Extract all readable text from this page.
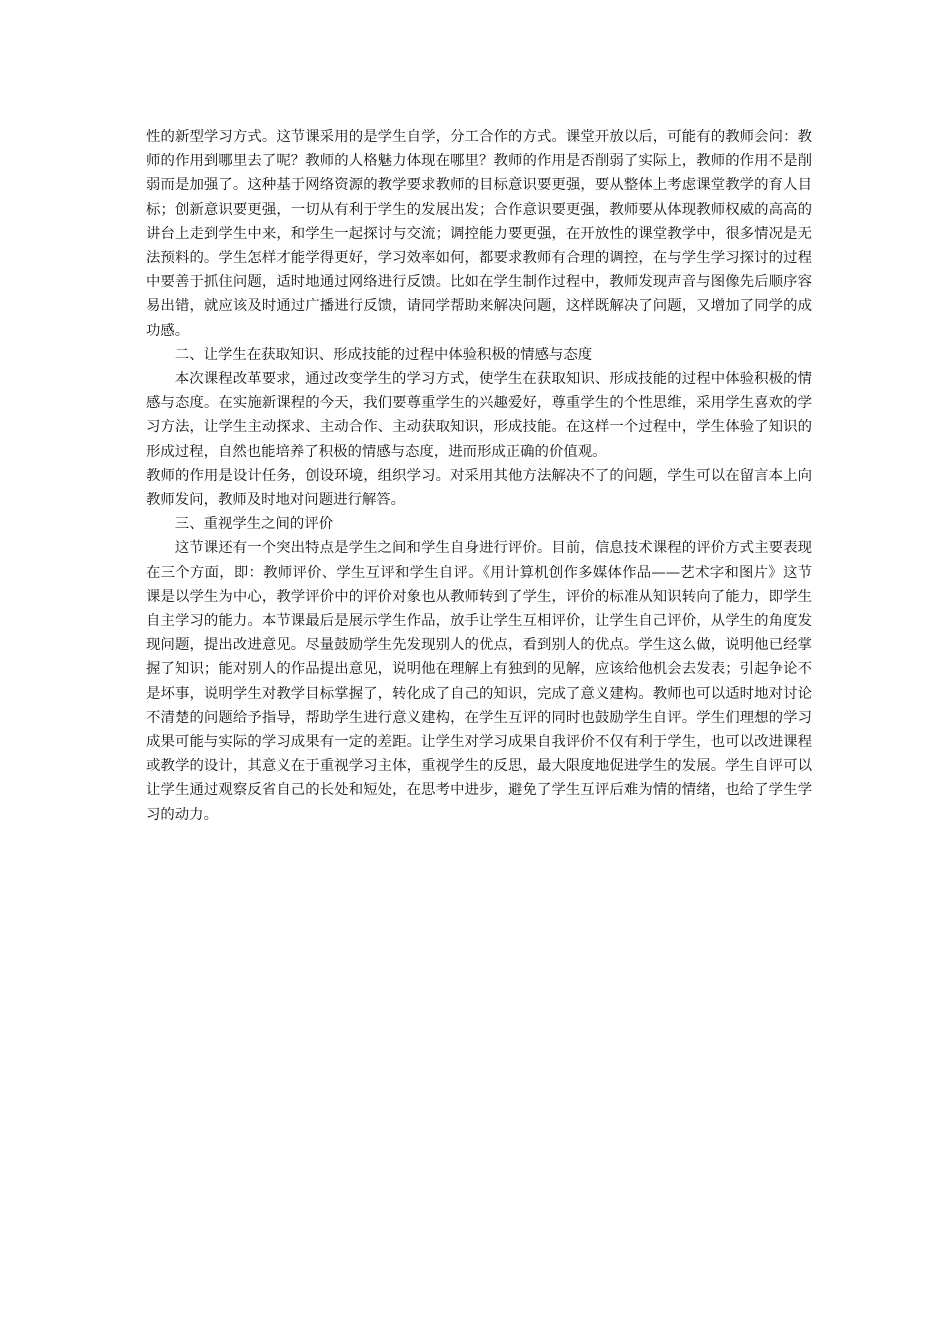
性的新型学习方式。这节课采用的是学生自学，分工合作的方式。课堂开放以后，可能有的教师会问：教师的作用到哪里去了呢？教师的人格魅力体现在哪里？教师的作用是否削弱了实际上，教师的作用不是削弱而是加强了。这种基于网络资源的教学要求教师的目标意识要更强，要从整体上考虑课堂教学的育人目标；创新意识要更强，一切从有利于学生的发展出发；合作意识要更强，教师要从体现教师权威的高高的讲台上走到学生中来，和学生一起探讨与交流；调控能力要更强，在开放性的课堂教学中，很多情况是无法预料的。学生怎样才能学得更好，学习效率如何，都要求教师有合理的调控，在与学生学习探讨的过程中要善于抓住问题，适时地通过网络进行反馈。比如在学生制作过程中，教师发现声音与图像先后顺序容易出错，就应该及时通过广播进行反馈，请同学帮助来解决问题，这样既解决了问题，又增加了同学的成功感。

二、让学生在获取知识、形成技能的过程中体验积极的情感与态度

本次课程改革要求，通过改变学生的学习方式，使学生在获取知识、形成技能的过程中体验积极的情感与态度。在实施新课程的今天，我们要尊重学生的兴趣爱好，尊重学生的个性思维，采用学生喜欢的学习方法，让学生主动探求、主动合作、主动获取知识，形成技能。在这样一个过程中，学生体验了知识的形成过程，自然也能培养了积极的情感与态度，进而形成正确的价值观。

教师的作用是设计任务，创设环境，组织学习。对采用其他方法解决不了的问题，学生可以在留言本上向教师发问，教师及时地对问题进行解答。

三、重视学生之间的评价

这节课还有一个突出特点是学生之间和学生自身进行评价。目前，信息技术课程的评价方式主要表现在三个方面，即：教师评价、学生互评和学生自评。《用计算机创作多媒体作品——艺术字和图片》这节课是以学生为中心，教学评价中的评价对象也从教师转到了学生，评价的标准从知识转向了能力，即学生自主学习的能力。本节课最后是展示学生作品，放手让学生互相评价，让学生自己评价，从学生的角度发现问题，提出改进意见。尽量鼓励学生先发现别人的优点，看到别人的优点。学生这么做，说明他已经掌握了知识；能对别人的作品提出意见，说明他在理解上有独到的见解，应该给他机会去发表；引起争论不是坏事，说明学生对教学目标掌握了，转化成了自己的知识，完成了意义建构。教师也可以适时地对讨论不清楚的问题给予指导，帮助学生进行意义建构，在学生互评的同时也鼓励学生自评。学生们理想的学习成果可能与实际的学习成果有一定的差距。让学生对学习成果自我评价不仅有利于学生，也可以改进课程或教学的设计，其意义在于重视学习主体，重视学生的反思，最大限度地促进学生的发展。学生自评可以让学生通过观察反省自己的长处和短处，在思考中进步，避免了学生互评后难为情的情绪，也给了学生学习的动力。
